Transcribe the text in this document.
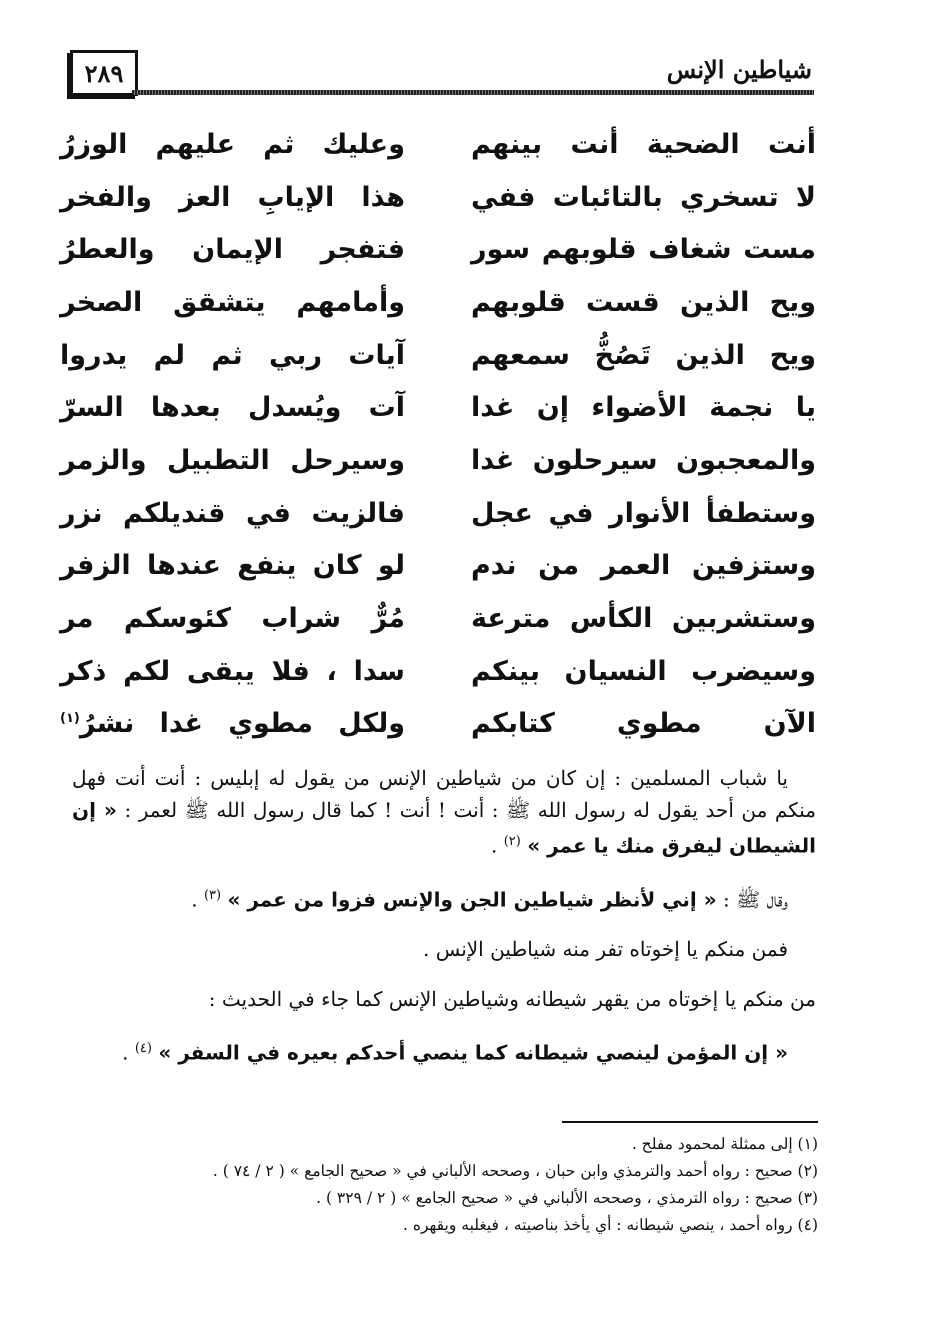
شياطين الإنس
٢٨٩
أنت الضحية أنت بينهم
وعليك ثم عليهم الوزرُ
لا تسخري بالتائبات ففي
هذا الإيابِ العز والفخر
مست شغاف قلوبهم سور
فتفجر الإيمان والعطرُ
ويح الذين قست قلوبهم
وأمامهم يتشقق الصخر
ويح الذين تَصُخُّ سمعهم
آيات ربي ثم لم يدروا
يا نجمة الأضواء إن غدا
آت ويُسدل بعدها السرّ
والمعجبون سيرحلون غدا
وسيرحل التطبيل والزمر
وستطفأ الأنوار في عجل
فالزيت في قنديلكم نزر
وستزفين العمر من ندم
لو كان ينفع عندها الزفر
وستشربين الكأس مترعة
مُرٌّ شراب كئوسكم مر
وسيضرب النسيان بينكم
سدا ، فلا يبقى لكم ذكر
الآن مطوي كتابكم
ولكل مطوي غدا نشرُ$^{(١)}$

يا شباب المسلمين : إن كان من شياطين الإنس من يقول له إبليس : أنت أنت فهل منكم من أحد يقول له رسول الله ﷺ : أنت ! أنت ! كما قال رسول الله ﷺ لعمر : « إن الشيطان ليفرق منك يا عمر » $^{(٢)}$ .

وقال ﷺ : « إني لأنظر شياطين الجن والإنس فزوا من عمر » $^{(٣)}$ .

فمن منكم يا إخوتاه تفر منه شياطين الإنس .

من منكم يا إخوتاه من يقهر شيطانه وشياطين الإنس كما جاء في الحديث :

« إن المؤمن لينصي شيطانه كما ينصي أحدكم بعيره في السفر » $^{(٤)}$ .

(١) إلى ممثلة لمحمود مفلح .
(٢) صحيح : رواه أحمد والترمذي وابن حبان ، وصححه الألباني في « صحيح الجامع » ( ٢ / ٧٤ ) .
(٣) صحيح : رواه الترمذي ، وصححه الألباني في « صحيح الجامع » ( ٢ / ٣٢٩ ) .
(٤) رواه أحمد ، ينصي شيطانه : أي يأخذ بناصيته ، فيغلبه ويقهره .
